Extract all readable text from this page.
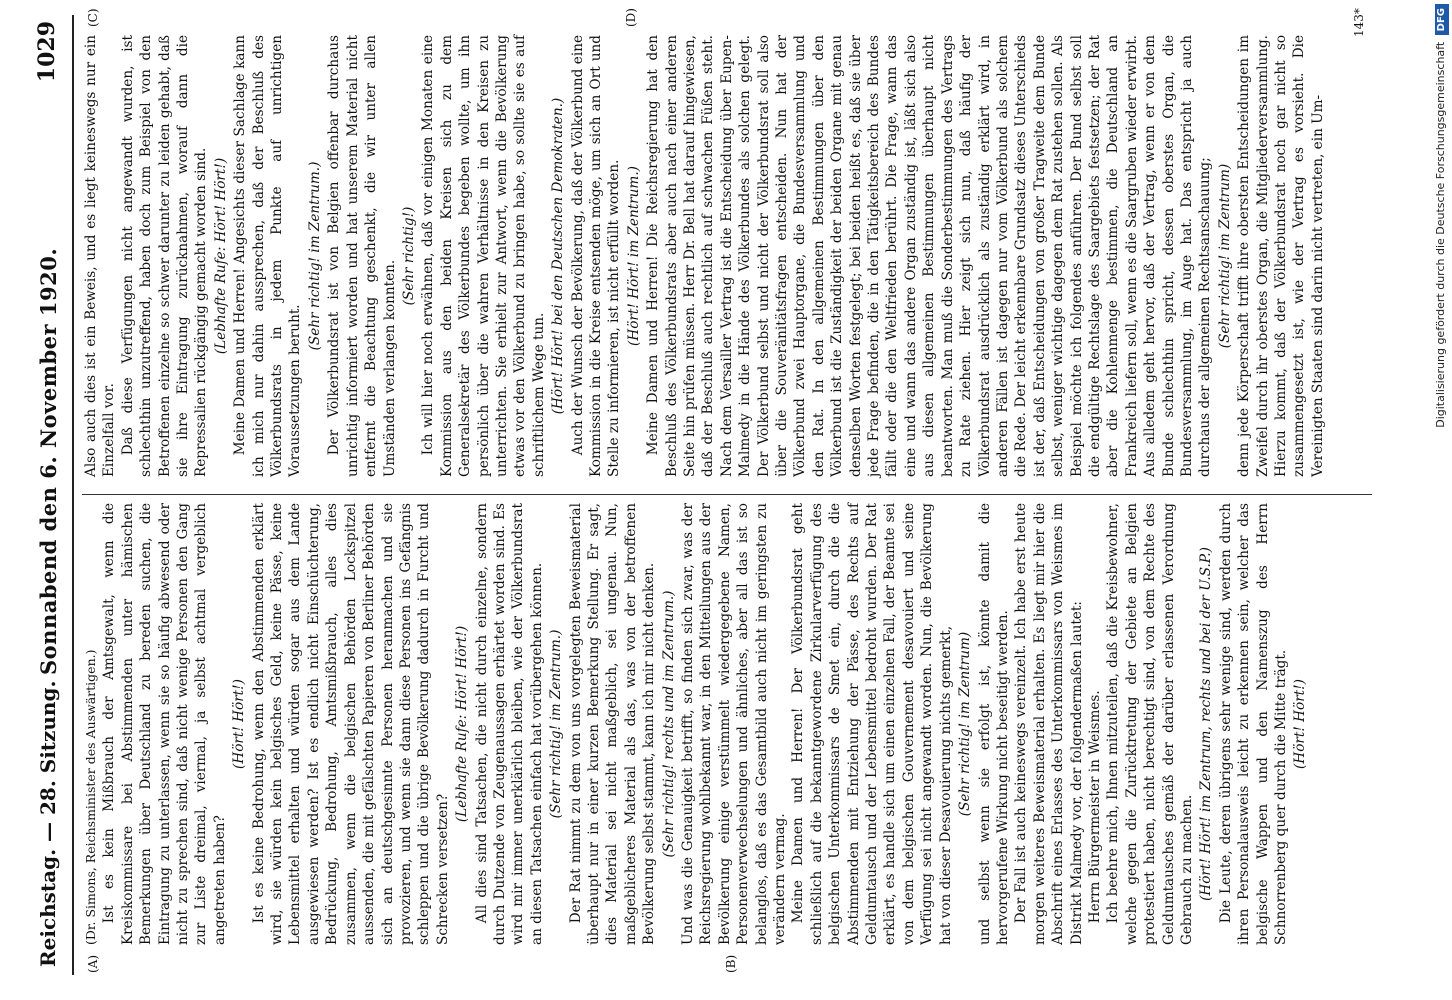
Reichstag. — 28. Sitzung.
Sonnabend den 6. November 1920.
1029
(A)	(B)
(C)	(D)

(Dr. Simons, Reichsminister des Auswärtigen.) Ist es kein Mißbrauch der Amtsgewalt, wenn die Kreiskommissare bei Abstimmenden unter hämischen Bemerkungen über Deutschland zu bereden suchen, die Eintragung zu unterlassen, wenn sie so häufig abwesend oder nicht zu sprechen sind, daß nicht wenige Personen den Gang zur Liste dreimal, viermal, ja selbst achtmal vergeblich angetreten haben?

(Hört! Hört!) Ist es keine Bedrohung, wenn den Abstimmenden erklärt wird, sie würden kein belgisches Geld, keine Pässe, keine Lebensmittel erhalten und würden sogar aus dem Lande ausgewiesen werden? Ist es endlich nicht Einschüchterung, Bedrückung, Bedrohung, Amtsmißbrauch, alles dies zusammen, wenn die belgischen Behörden Lockspitzel aussenden, die mit gefälschten Papieren von Berliner Behörden sich an deutschgesinnte Personen heranmachen und sie provozieren, und wenn sie dann diese Personen ins Gefängnis schleppen und die übrige Bevölkerung dadurch in Furcht und Schrecken versetzen?

(Lebhafte Rufe: Hört! Hört!) All dies sind Tatsachen, die nicht durch einzelne, sondern durch Dutzende von Zeugenaussagen erhärtet worden sind. Es wird mir immer unerklärlich bleiben, wie der Völkerbundsrat an diesen Tatsachen einfach hat vorübergehen können. (Sehr richtig! im Zentrum.) Der Rat nimmt zu dem von uns vorgelegten Beweismaterial überhaupt nur in einer kurzen Bemerkung Stellung. Er sagt, dies Material sei nicht maßgeblich, sei ungenau. Nun, maßgeblicheres Material als das, was von der betroffenen Bevölkerung selbst stammt, kann ich mir nicht denken. (Sehr richtig! rechts und im Zentrum.) Und was die Genauigkeit betrifft, so finden sich zwar, was der Reichsregierung wohlbekannt war, in den Mitteilungen aus der Bevölkerung einige verstümmelt wiedergegebene Namen, Personenverwechselungen und ähnliches, aber all das ist so belanglos, daß es das Gesamtbild auch nicht im geringsten zu verändern vermag. Meine Damen und Herren! Der Völkerbundsrat geht schließlich auf die bekanntgewordene Zirkularverfügung des belgischen Unterkommissars de Smet ein, durch die die Abstimmenden mit Entziehung der Pässe, des Rechts auf Geldumtausch und der Lebensmittel bedroht wurden. Der Rat erklärt, es handle sich um einen einzelnen Fall, der Beamte sei von dem belgischen Gouvernement desavouiert und seine Verfügung sei nicht angewandt worden. Nun, die Bevölkerung hat von dieser Desavouierung nichts gemerkt, (Sehr richtig! im Zentrum) und selbst wenn sie erfolgt ist, könnte damit die hervorgerufene Wirkung nicht beseitigt werden. Der Fall ist auch keineswegs vereinzelt. Ich habe erst heute morgen weiteres Beweismaterial erhalten. Es liegt mir hier die Abschrift eines Erlasses des Unterkommissars von Weismes im Distrikt Malmedy vor, der folgendermaßen lautet: Herrn Bürgermeister in Weismes. Ich beehre mich, Ihnen mitzuteilen, daß die Kreisbewohner, welche gegen die Zurücktretung der Gebiete an Belgien protestiert haben, nicht berechtigt sind, von dem Rechte des Geldumtausches gemäß der darüber erlassenen Verordnung Gebrauch zu machen. (Hört! Hört! im Zentrum, rechts und bei der U.S.P.) Die Leute, deren übrigens sehr wenige sind, werden durch ihren Personalausweis leicht zu erkennen sein, welcher das belgische Wappen und den Namenszug des Herrn Schnorrenberg quer durch die Mitte trägt. (Hört! Hört!)

Also auch dies ist ein Beweis, und es liegt keineswegs nur ein Einzelfall vor. Daß diese Verfügungen nicht angewandt wurden, ist schlechthin unzutreffend, haben doch zum Beispiel von den Betroffenen einzelne so schwer darunter zu leiden gehabt, daß sie ihre Eintragung zurücknahmen, worauf dann die Repressalien rückgängig gemacht worden sind. (Lebhafte Rufe: Hört! Hört!) Meine Damen und Herren! Angesichts dieser Sachlage kann ich mich nur dahin aussprechen, daß der Beschluß des Völkerbundsrats in jedem Punkte auf unrichtigen Voraussetzungen beruht.

(Sehr richtig! im Zentrum.) Der Völkerbundsrat ist von Belgien offenbar durchaus unrichtig informiert worden und hat unserem Material nicht entfernt die Beachtung geschenkt, die wir unter allen Umständen verlangen konnten.

(Sehr richtig!) Ich will hier noch erwähnen, daß vor einigen Monaten eine Kommission aus den beiden Kreisen sich zu dem Generalsekretär des Völkerbundes begeben wollte, um ihn persönlich über die wahren Verhältnisse in den Kreisen zu unterrichten. Sie erhielt zur Antwort, wenn die Bevölkerung etwas vor den Völkerbund zu bringen habe, so sollte sie es auf schriftlichem Wege tun. (Hört! Hört! bei den Deutschen Demokraten.) Auch der Wunsch der Bevölkerung, daß der Völkerbund eine Kommission in die Kreise entsenden möge, um sich an Ort und Stelle zu informieren, ist nicht erfüllt worden. (Hört! Hört! im Zentrum.) Meine Damen und Herren! Die Reichsregierung hat den Beschluß des Völkerbundsrats aber auch nach einer anderen Seite hin prüfen müssen. Herr Dr. Bell hat darauf hingewiesen, daß der Beschluß auch rechtlich auf schwachen Füßen steht. Nach dem Versailler Vertrag ist die Entscheidung über Eupen-Malmedy in die Hände des Völkerbundes als solchen gelegt. Der Völkerbund selbst und nicht der Völkerbundsrat soll also über die Souveränitätsfragen entscheiden. Nun hat der Völkerbund zwei Hauptorgane, die Bundesversammlung und den Rat. In den allgemeinen Bestimmungen über den Völkerbund ist die Zuständigkeit der beiden Organe mit genau denselben Worten festgelegt; bei beiden heißt es, daß sie über jede Frage befinden, die in den Tätigkeitsbereich des Bundes fällt oder die den Weltfrieden berührt. Die Frage, wann das eine und wann das andere Organ zuständig ist, läßt sich also aus diesen allgemeinen Bestimmungen überhaupt nicht beantworten. Man muß die Sonderbestimmungen des Vertrags zu Rate ziehen. Hier zeigt sich nun, daß häufig der Völkerbundsrat ausdrücklich als zuständig erklärt wird, in anderen Fällen ist dagegen nur vom Völkerbund als solchem die Rede. Der leicht erkennbare Grundsatz dieses Unterschieds ist der, daß Entscheidungen von großer Tragweite dem Bunde selbst, weniger wichtige dagegen dem Rat zustehen sollen. Als Beispiel möchte ich folgendes anführen. Der Bund selbst soll die endgültige Rechtslage des Saargebiets festsetzen; der Rat aber die Kohlenmenge bestimmen, die Deutschland an Frankreich liefern soll, wenn es die Saargruben wieder erwirbt. Aus alledem geht hervor, daß der Vertrag, wenn er von dem Bunde schlechthin spricht, dessen oberstes Organ, die Bundesversammlung, im Auge hat. Das entspricht ja auch durchaus der allgemeinen Rechtsanschauung; (Sehr richtig! im Zentrum) denn jede Körperschaft trifft ihre obersten Entscheidungen im Zweifel durch ihr oberstes Organ, die Mitgliederversammlung. Hierzu kommt, daß der Völkerbundsrat noch gar nicht so zusammengesetzt ist, wie der Vertrag es vorsieht. Die Vereinigten Staaten sind darin nicht vertreten, ein Um-

143*
Digitalisierung gefördert durch die Deutsche Forschungsgemeinschaft DFG
